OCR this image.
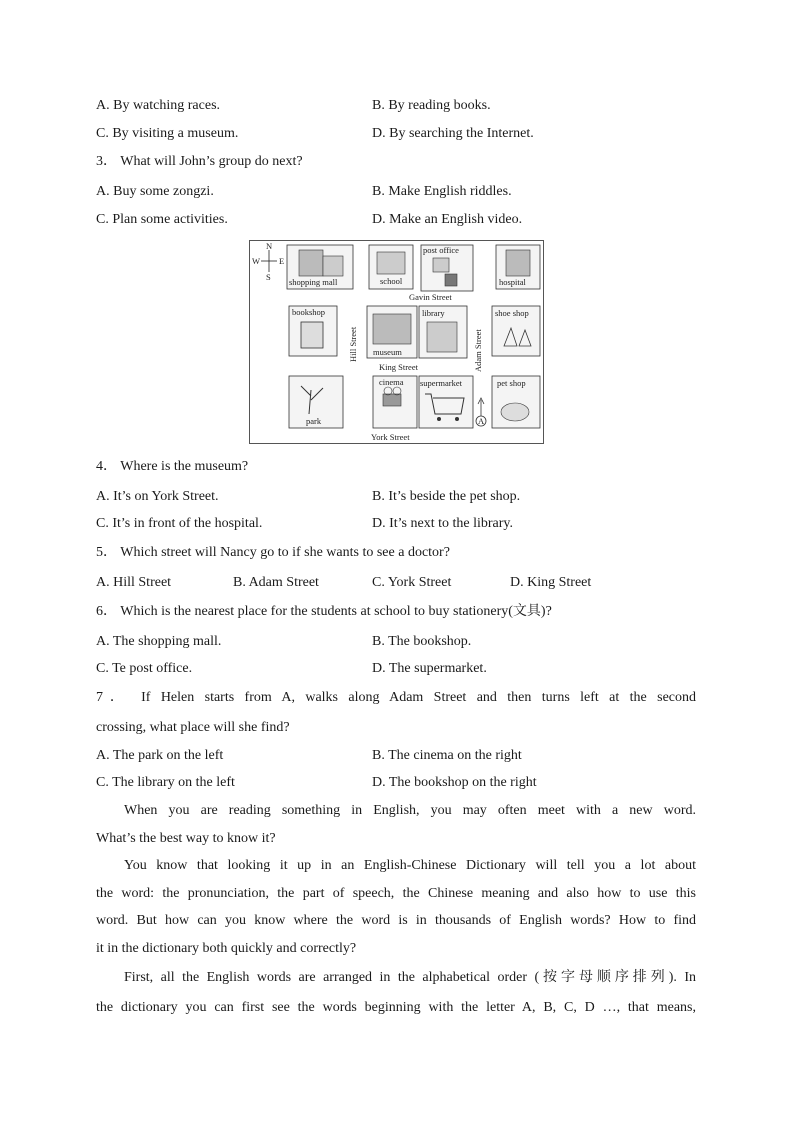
A. By watching races.	B. By reading books.
C. By visiting a museum.	D. By searching the Internet.
3． What will John’s group do next?
A. Buy some zongzi.	B. Make English riddles.
C. Plan some activities.	D. Make an English video.
N
S
W E
shopping mall	school
post office
hospital
Gavin Street
bookshop
Hill Street museum
library
Adam Street
shoe shop
King Street
park
cinema supermarket
A
pet shop
York Street
4． Where is the museum?
A. It’s on York Street.	B. It’s beside the pet shop.
C. It’s in front of the hospital.	D. It’s next to the library.
5． Which street will Nancy go to if she wants to see a doctor?
A. Hill Street	B. Adam Street	C. York Street	D. King Street
6． Which is the nearest place for the students at school to buy stationery(文具)?
A. The shopping mall.	B. The bookshop.
C. Te post office.	D. The supermarket.
7． If Helen starts from A, walks along Adam Street and then turns left at the second
crossing, what place will she find?
A. The park on the left	B. The cinema on the right
C. The library on the left	D. The bookshop on the right
When you are reading something in English, you may often meet with a new word.
What’s the best way to know it?
You know that looking it up in an English-Chinese Dictionary will tell you a lot about
the word: the pronunciation, the part of speech, the Chinese meaning and also how to use this
word. But how can you know where the word is in thousands of English words? How to find
it in the dictionary both quickly and correctly?
First, all the English words are arranged in the alphabetical order (按字母顺序排列). In
the dictionary you can first see the words beginning with the letter A, B, C, D …, that means,
